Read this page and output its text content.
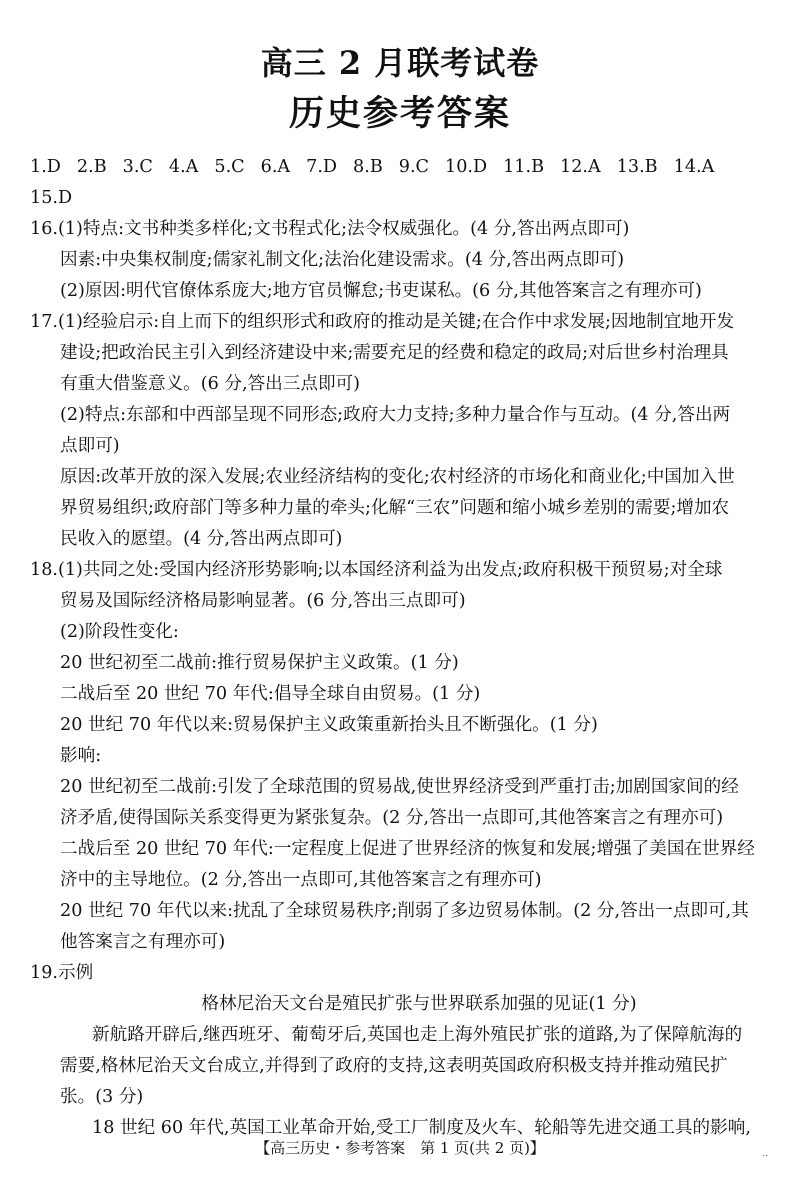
高三 2 月联考试卷
历史参考答案
1.D 2.B 3.C 4.A 5.C 6.A 7.D 8.B 9.C 10.D 11.B 12.A 13.B 14.A
15.D
16.(1)特点:文书种类多样化;文书程式化;法令权威强化。(4 分,答出两点即可)
因素:中央集权制度;儒家礼制文化;法治化建设需求。(4 分,答出两点即可)
(2)原因:明代官僚体系庞大;地方官员懈怠;书吏谋私。(6 分,其他答案言之有理亦可)
17.(1)经验启示:自上而下的组织形式和政府的推动是关键;在合作中求发展;因地制宜地开发
建设;把政治民主引入到经济建设中来;需要充足的经费和稳定的政局;对后世乡村治理具
有重大借鉴意义。(6 分,答出三点即可)
(2)特点:东部和中西部呈现不同形态;政府大力支持;多种力量合作与互动。(4 分,答出两
点即可)
原因:改革开放的深入发展;农业经济结构的变化;农村经济的市场化和商业化;中国加入世
界贸易组织;政府部门等多种力量的牵头;化解“三农”问题和缩小城乡差别的需要;增加农
民收入的愿望。(4 分,答出两点即可)
18.(1)共同之处:受国内经济形势影响;以本国经济利益为出发点;政府积极干预贸易;对全球
贸易及国际经济格局影响显著。(6 分,答出三点即可)
(2)阶段性变化:
20 世纪初至二战前:推行贸易保护主义政策。(1 分)
二战后至 20 世纪 70 年代:倡导全球自由贸易。(1 分)
20 世纪 70 年代以来:贸易保护主义政策重新抬头且不断强化。(1 分)
影响:
20 世纪初至二战前:引发了全球范围的贸易战,使世界经济受到严重打击;加剧国家间的经
济矛盾,使得国际关系变得更为紧张复杂。(2 分,答出一点即可,其他答案言之有理亦可)
二战后至 20 世纪 70 年代:一定程度上促进了世界经济的恢复和发展;增强了美国在世界经
济中的主导地位。(2 分,答出一点即可,其他答案言之有理亦可)
20 世纪 70 年代以来:扰乱了全球贸易秩序;削弱了多边贸易体制。(2 分,答出一点即可,其
他答案言之有理亦可)
19.示例
格林尼治天文台是殖民扩张与世界联系加强的见证(1 分)
新航路开辟后,继西班牙、葡萄牙后,英国也走上海外殖民扩张的道路,为了保障航海的
需要,格林尼治天文台成立,并得到了政府的支持,这表明英国政府积极支持并推动殖民扩
张。(3 分)
18 世纪 60 年代,英国工业革命开始,受工厂制度及火车、轮船等先进交通工具的影响,
【高三历史・参考答案　第 1 页(共 2 页)】	..
